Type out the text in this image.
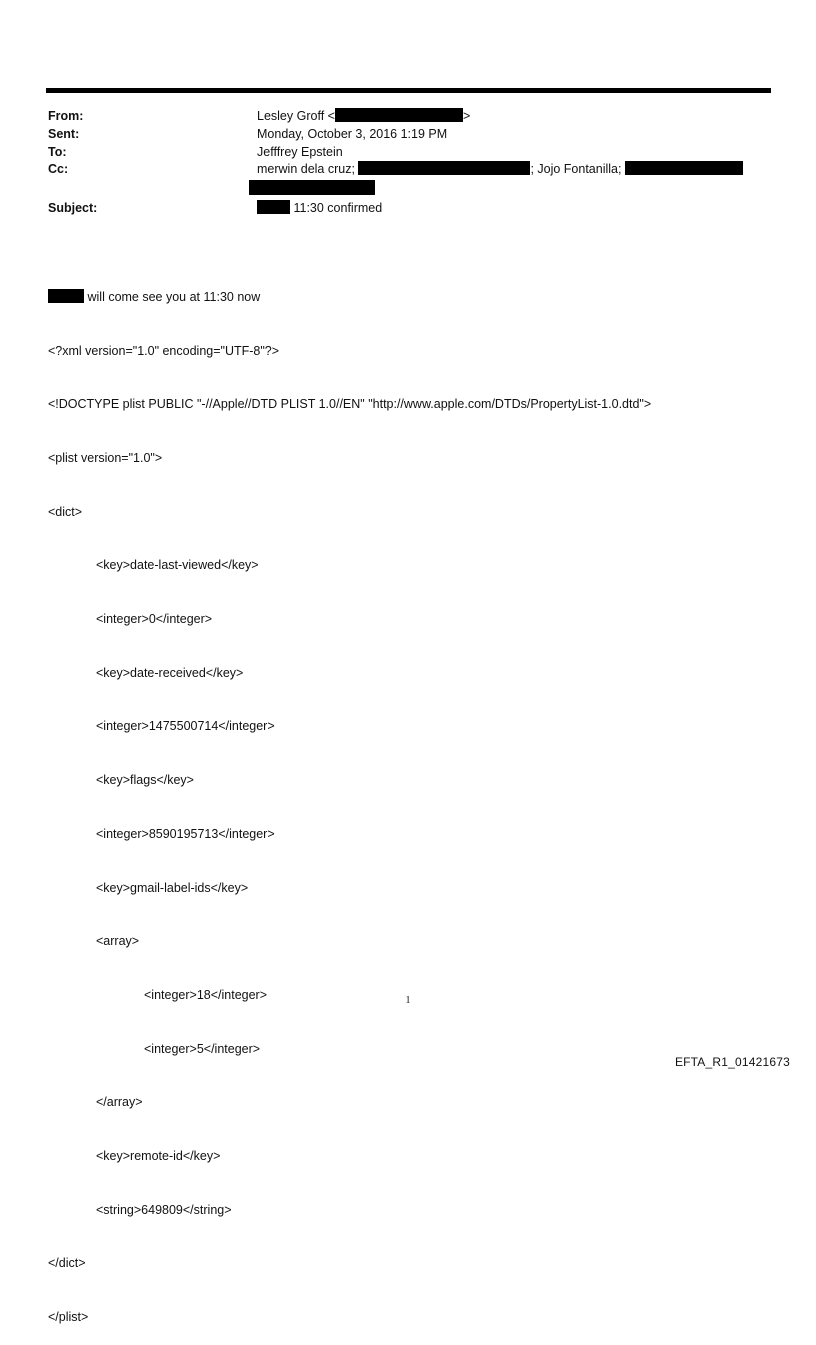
From:	Lesley Groff <	>
Sent:	Monday, October 3, 2016 1:19 PM
To:	Jefffrey Epstein
Cc:	merwin dela cruz;	; Jojo Fontanilla;
Subject:	11:30 confirmed

will come see you at 11:30 now

<?xml version="1.0" encoding="UTF-8"?>

<!DOCTYPE plist PUBLIC "-//Apple//DTD PLIST 1.0//EN" "http://www.apple.com/DTDs/PropertyList-1.0.dtd">

<plist version="1.0">

<dict>

<key>date-last-viewed</key>

<integer>0</integer>

<key>date-received</key>

<integer>1475500714</integer>

<key>flags</key>

<integer>8590195713</integer>

<key>gmail-label-ids</key>

<array>

<integer>18</integer>

<integer>5</integer>

</array>

<key>remote-id</key>

<string>649809</string>

</dict>

</plist>

1
EFTA_R1_01421673
